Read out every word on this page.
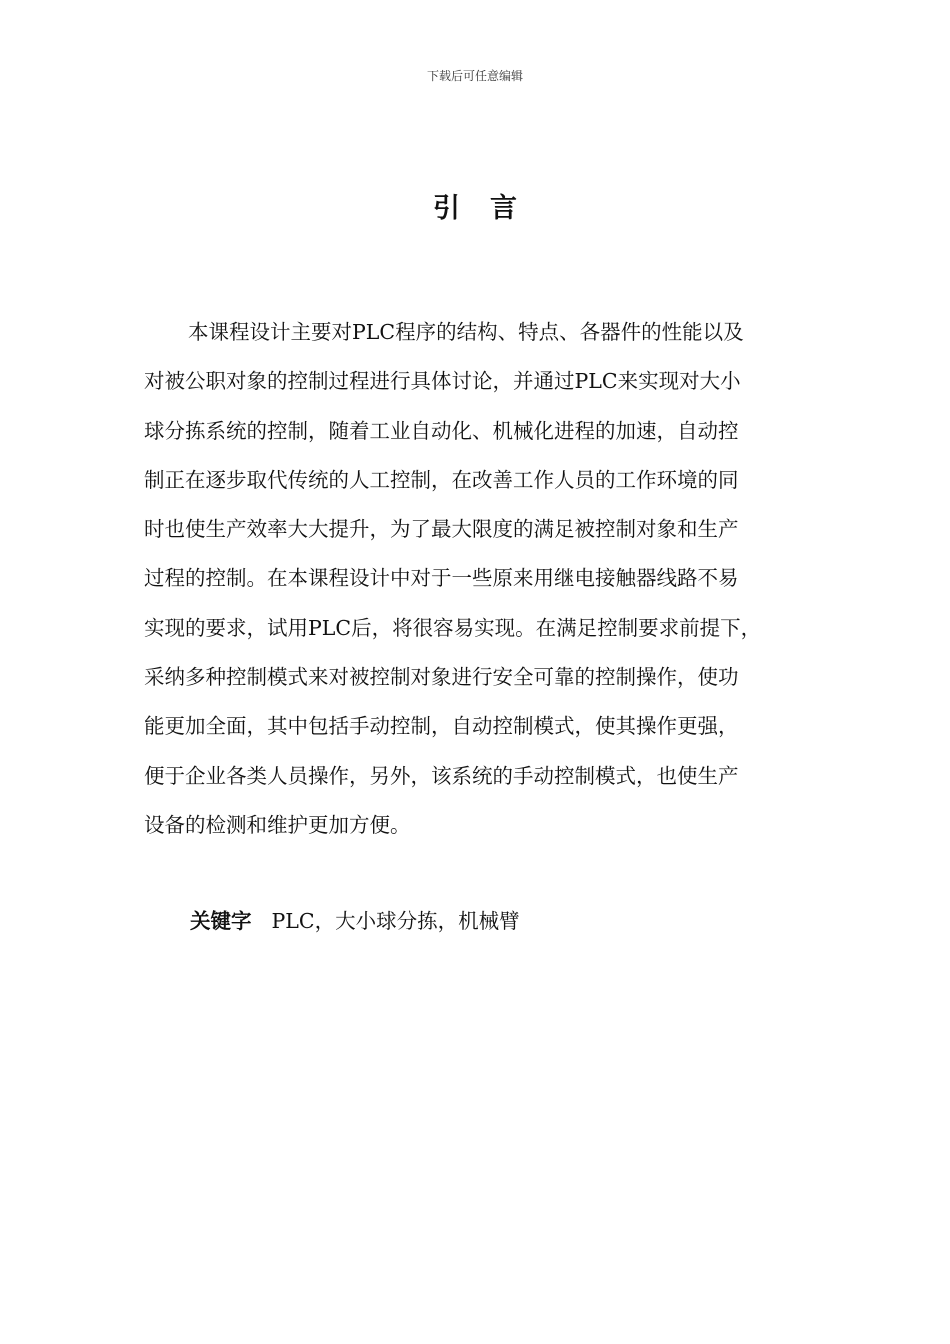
下载后可任意编辑
引言
本课程设计主要对PLC程序的结构、特点、各器件的性能以及
对被公职对象的控制过程进行具体讨论，并通过PLC来实现对大小
球分拣系统的控制，随着工业自动化、机械化进程的加速，自动控
制正在逐步取代传统的人工控制，在改善工作人员的工作环境的同
时也使生产效率大大提升，为了最大限度的满足被控制对象和生产
过程的控制。在本课程设计中对于一些原来用继电接触器线路不易
实现的要求，试用PLC后，将很容易实现。在满足控制要求前提下，
采纳多种控制模式来对被控制对象进行安全可靠的控制操作，使功
能更加全面，其中包括手动控制，自动控制模式，使其操作更强，
便于企业各类人员操作，另外，该系统的手动控制模式，也使生产
设备的检测和维护更加方便。
关键字 PLC，大小球分拣，机械臂
